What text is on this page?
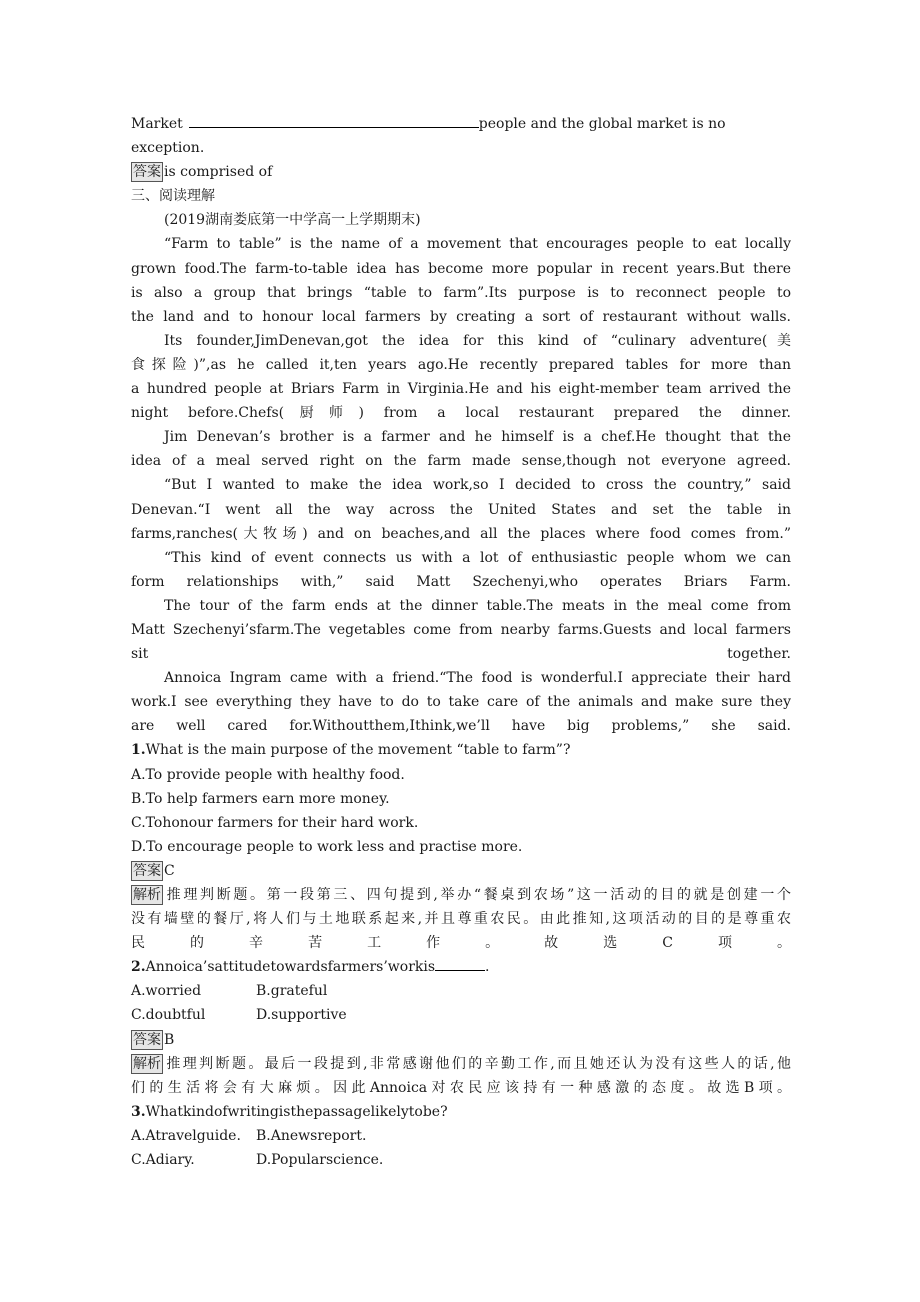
Market	people and the global market is no
exception.
答案 is comprised of
三、阅读理解
(2019湖南娄底第一中学高一上学期期末)
“Farm to table” is the name of a movement that encourages people to eat locally
grown food.The farm-to-table idea has become more popular in recent years.But there
is also a group that brings “table to farm”.Its purpose is to reconnect people to
the land and to honour local farmers by creating a sort of restaurant without walls.
Its founder,JimDenevan,got the idea for this kind of “culinary adventure(美
食探险)”,as he called it,ten years ago.He recently prepared tables for more than
a hundred people at Briars Farm in Virginia.He and his eight-member team arrived the
night before.Chefs(厨师) from a local restaurant prepared the dinner.
Jim Denevan’s brother is a farmer and he himself is a chef.He thought that the
idea of a meal served right on the farm made sense,though not everyone agreed.
“But I wanted to make the idea work,so I decided to cross the country,” said
Denevan.“I went all the way across the United States and set the table in
farms,ranches(大牧场) and on beaches,and all the places where food comes from.”
“This kind of event connects us with a lot of enthusiastic people whom we can
form relationships with,” said Matt Szechenyi,who operates Briars Farm.
The tour of the farm ends at the dinner table.The meats in the meal come from
Matt Szechenyi’sfarm.The vegetables come from nearby farms.Guests and local farmers
sit together.
Annoica Ingram came with a friend.“The food is wonderful.I appreciate their hard
work.I see everything they have to do to take care of the animals and make sure they
are well cared for.Withoutthem,Ithink,we’ll have big problems,” she said.
1.What is the main purpose of the movement “table to farm”?
A.To provide people with healthy food.
B.To help farmers earn more money.
C.Tohonour farmers for their hard work.
D.To encourage people to work less and practise more.
答案 C
解析 推理判断题。第一段第三、四句提到,举办“餐桌到农场”这一活动的目的就是创建一个
没有墙壁的餐厅,将人们与土地联系起来,并且尊重农民。由此推知,这项活动的目的是尊重农
民的辛苦工作。故选C项。
2.Annoica’sattitudetowardsfarmers’workis	.
A.worried	B.grateful
C.doubtful	D.supportive
答案 B
解析 推理判断题。最后一段提到,非常感谢他们的辛勤工作,而且她还认为没有这些人的话,他
们的生活将会有大麻烦。因此Annoica对农民应该持有一种感激的态度。故选B项。
3.Whatkindofwritingisthepassagelikelytobe?
A.Atravelguide. B.Anewsreport.
C.Adiary.	D.Popularscience.
